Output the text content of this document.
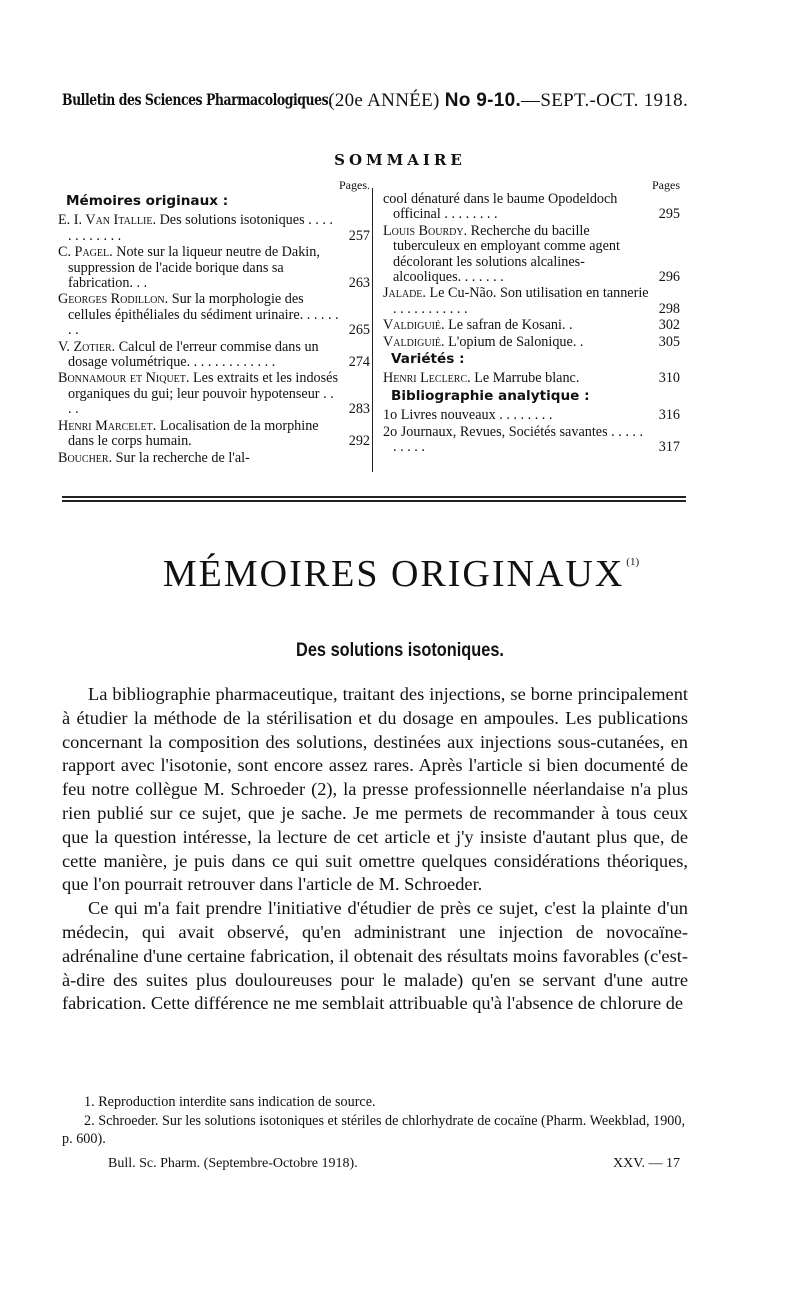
Bulletin des Sciences Pharmacologiques.
(20e ANNÉE) No 9-10.—SEPT.-OCT. 1918.
SOMMAIRE
Pages.
Mémoires originaux :
E. I. Van Itallie. Des solutions isotoniques . . . . . . . . . . . .	257
C. Pagel. Note sur la liqueur neutre de Dakin, suppression de l'acide borique dans sa fabrication. . .	263
Georges Rodillon. Sur la morphologie des cellules épithéliales du sédiment urinaire. . . . . . . .	265
V. Zotier. Calcul de l'erreur commise dans un dosage volumétrique. . . . . . . . . . . . .	274
Bonnamour et Niquet. Les extraits et les indosés organiques du gui; leur pouvoir hypotenseur . . . .	283
Henri Marcelet. Localisation de la morphine dans le corps humain.	292
Boucher. Sur la recherche de l'al-
Pages
cool dénaturé dans le baume Opodeldoch officinal . . . . . . . .	295
Louis Bourdy. Recherche du bacille tuberculeux en employant comme agent décolorant les solutions alcalines-alcooliques. . . . . . .	296
Jalade. Le Cu-Não. Son utilisation en tannerie . . . . . . . . . . .	298
Valdiguié. Le safran de Kosani. .	302
Valdiguié. L'opium de Salonique. .	305
Variétés :
Henri Leclerc. Le Marrube blanc.	310
Bibliographie analytique :
1o Livres nouveaux . . . . . . . .	316
2o Journaux, Revues, Sociétés savantes . . . . . . . . . .	317
MÉMOIRES ORIGINAUX $^{(1)}$
Des solutions isotoniques.

La bibliographie pharmaceutique, traitant des injections, se borne principalement à étudier la méthode de la stérilisation et du dosage en ampoules. Les publications concernant la composition des solutions, destinées aux injections sous-cutanées, en rapport avec l'isotonie, sont encore assez rares. Après l'article si bien documenté de feu notre collègue M. Schroeder (2), la presse professionnelle néerlandaise n'a plus rien publié sur ce sujet, que je sache. Je me permets de recommander à tous ceux que la question intéresse, la lecture de cet article et j'y insiste d'autant plus que, de cette manière, je puis dans ce qui suit omettre quelques considérations théoriques, que l'on pourrait retrouver dans l'article de M. Schroeder.

Ce qui m'a fait prendre l'initiative d'étudier de près ce sujet, c'est la plainte d'un médecin, qui avait observé, qu'en administrant une injection de novocaïne-adrénaline d'une certaine fabrication, il obtenait des résultats moins favorables (c'est-à-dire des suites plus douloureuses pour le malade) qu'en se servant d'une autre fabrication. Cette différence ne me semblait attribuable qu'à l'absence de chlorure de

1. Reproduction interdite sans indication de source.

2. Schroeder. Sur les solutions isotoniques et stériles de chlorhydrate de cocaïne (Pharm. Weekblad, 1900, p. 600).

Bull. Sc. Pharm. (Septembre-Octobre 1918).	XXV. — 17
